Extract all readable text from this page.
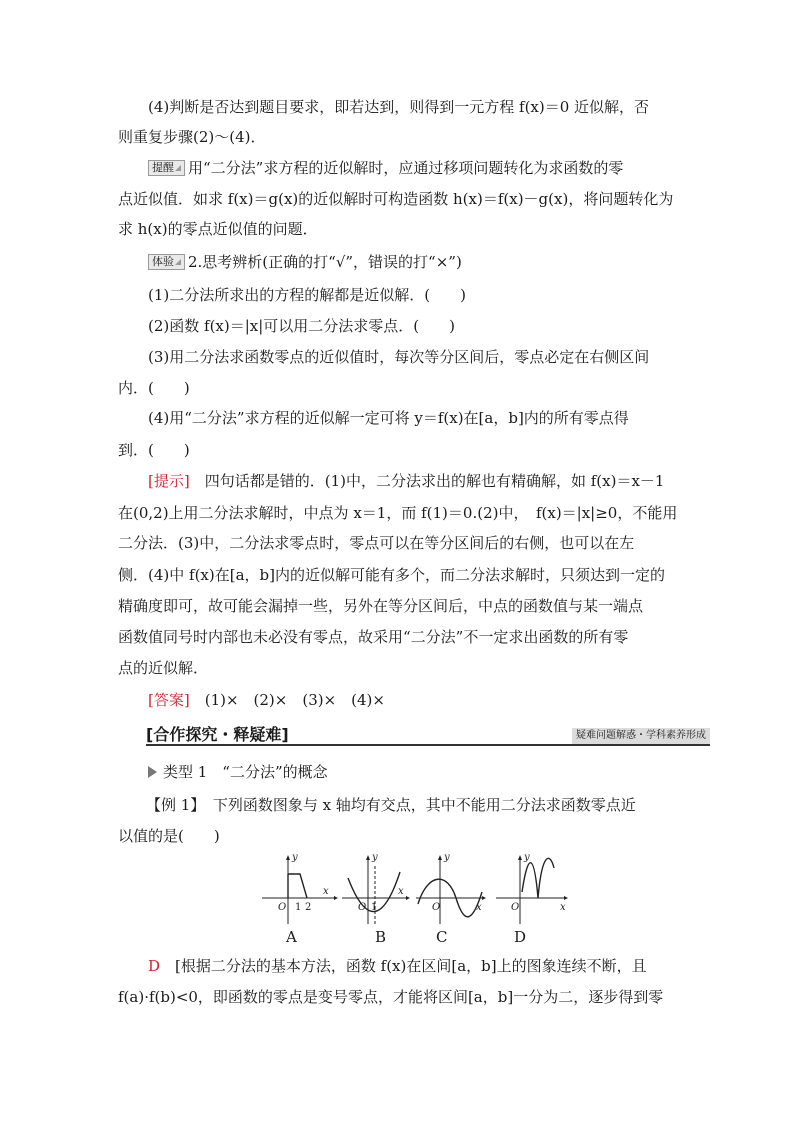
(4)判断是否达到题目要求，即若达到，则得到一元方程 f(x)＝0 近似解，否
则重复步骤(2)～(4)．
提醒 用“二分法”求方程的近似解时，应通过移项问题转化为求函数的零
点近似值．如求 f(x)＝g(x)的近似解时可构造函数 h(x)＝f(x)－g(x)，将问题转化为
求 h(x)的零点近似值的问题．
体验 2.思考辨析(正确的打“√”，错误的打“×”)
(1)二分法所求出的方程的解都是近似解．(　　)
(2)函数 f(x)＝|x|可以用二分法求零点．(　　)
(3)用二分法求函数零点的近似值时，每次等分区间后，零点必定在右侧区间
内．(　　)
(4)用“二分法”求方程的近似解一定可将 y＝f(x)在[a，b]内的所有零点得
到．(　　)
[提示]　四句话都是错的．(1)中，二分法求出的解也有精确解，如 f(x)＝x－1
在(0,2)上用二分法求解时，中点为 x＝1，而 f(1)＝0.(2)中，　f(x)＝|x|≥0，不能用
二分法．(3)中，二分法求零点时，零点可以在等分区间后的右侧，也可以在左
侧．(4)中 f(x)在[a，b]内的近似解可能有多个，而二分法求解时，只须达到一定的
精确度即可，故可能会漏掉一些，另外在等分区间后，中点的函数值与某一端点
函数值同号时内部也未必没有零点，故采用“二分法”不一定求出函数的所有零
点的近似解．
[答案]　(1)×　(2)×　(3)×　(4)×
[合作探究・释疑难]	疑难问题解惑・学科素养形成
类型 1　“二分法”的概念
【例 1】　下列函数图象与 x 轴均有交点，其中不能用二分法求函数零点近
以值的是(　　)
y
O 1 2
x
y
O 1
x
y
O	x
y
O	x
A	B	C	D
D　[根据二分法的基本方法，函数 f(x)在区间[a，b]上的图象连续不断，且
f(a)·f(b)<0，即函数的零点是变号零点，才能将区间[a，b]一分为二，逐步得到零
